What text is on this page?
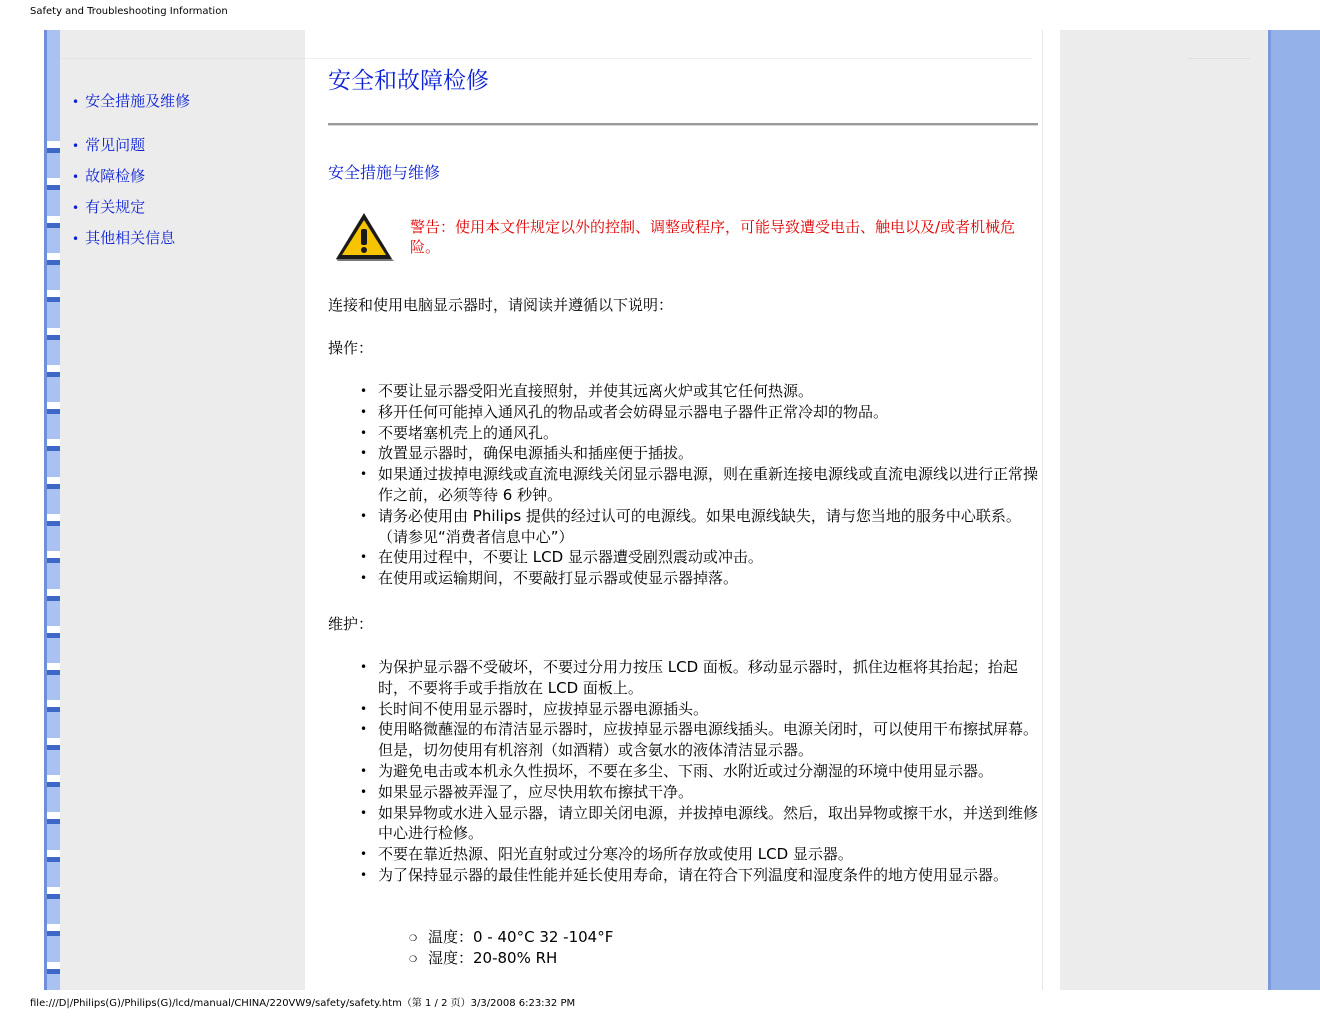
Safety and Troubleshooting Information
• 安全措施及维修
• 常见问题
• 故障检修
• 有关规定
• 其他相关信息
安全和故障检修
安全措施与维修
警告：使用本文件规定以外的控制、调整或程序，可能导致遭受电击、触电以及/或者机械危险。
连接和使用电脑显示器时，请阅读并遵循以下说明：
操作：
• 不要让显示器受阳光直接照射，并使其远离火炉或其它任何热源。
• 移开任何可能掉入通风孔的物品或者会妨碍显示器电子器件正常冷却的物品。
• 不要堵塞机壳上的通风孔。
• 放置显示器时，确保电源插头和插座便于插拔。
• 如果通过拔掉电源线或直流电源线关闭显示器电源，则在重新连接电源线或直流电源线以进行正常操作之前，必须等待 6 秒钟。
• 请务必使用由 Philips 提供的经过认可的电源线。如果电源线缺失，请与您当地的服务中心联系。（请参见“消费者信息中心”）
• 在使用过程中，不要让 LCD 显示器遭受剧烈震动或冲击。
• 在使用或运输期间，不要敲打显示器或使显示器掉落。
维护：
• 为保护显示器不受破坏，不要过分用力按压 LCD 面板。移动显示器时，抓住边框将其抬起；抬起时，不要将手或手指放在 LCD 面板上。
• 长时间不使用显示器时，应拔掉显示器电源插头。
• 使用略微蘸湿的布清洁显示器时，应拔掉显示器电源线插头。电源关闭时，可以使用干布擦拭屏幕。但是，切勿使用有机溶剂（如酒精）或含氨水的液体清洁显示器。
• 为避免电击或本机永久性损坏，不要在多尘、下雨、水附近或过分潮湿的环境中使用显示器。
• 如果显示器被弄湿了，应尽快用软布擦拭干净。
• 如果异物或水进入显示器，请立即关闭电源，并拔掉电源线。然后，取出异物或擦干水，并送到维修中心进行检修。
• 不要在靠近热源、阳光直射或过分寒冷的场所存放或使用 LCD 显示器。
• 为了保持显示器的最佳性能并延长使用寿命，请在符合下列温度和湿度条件的地方使用显示器。
❍ 温度：0 - 40°C 32 -104°F
❍ 湿度：20-80% RH
file:///D|/Philips(G)/Philips(G)/lcd/manual/CHINA/220VW9/safety/safety.htm（第 1 / 2 页）3/3/2008 6:23:32 PM
